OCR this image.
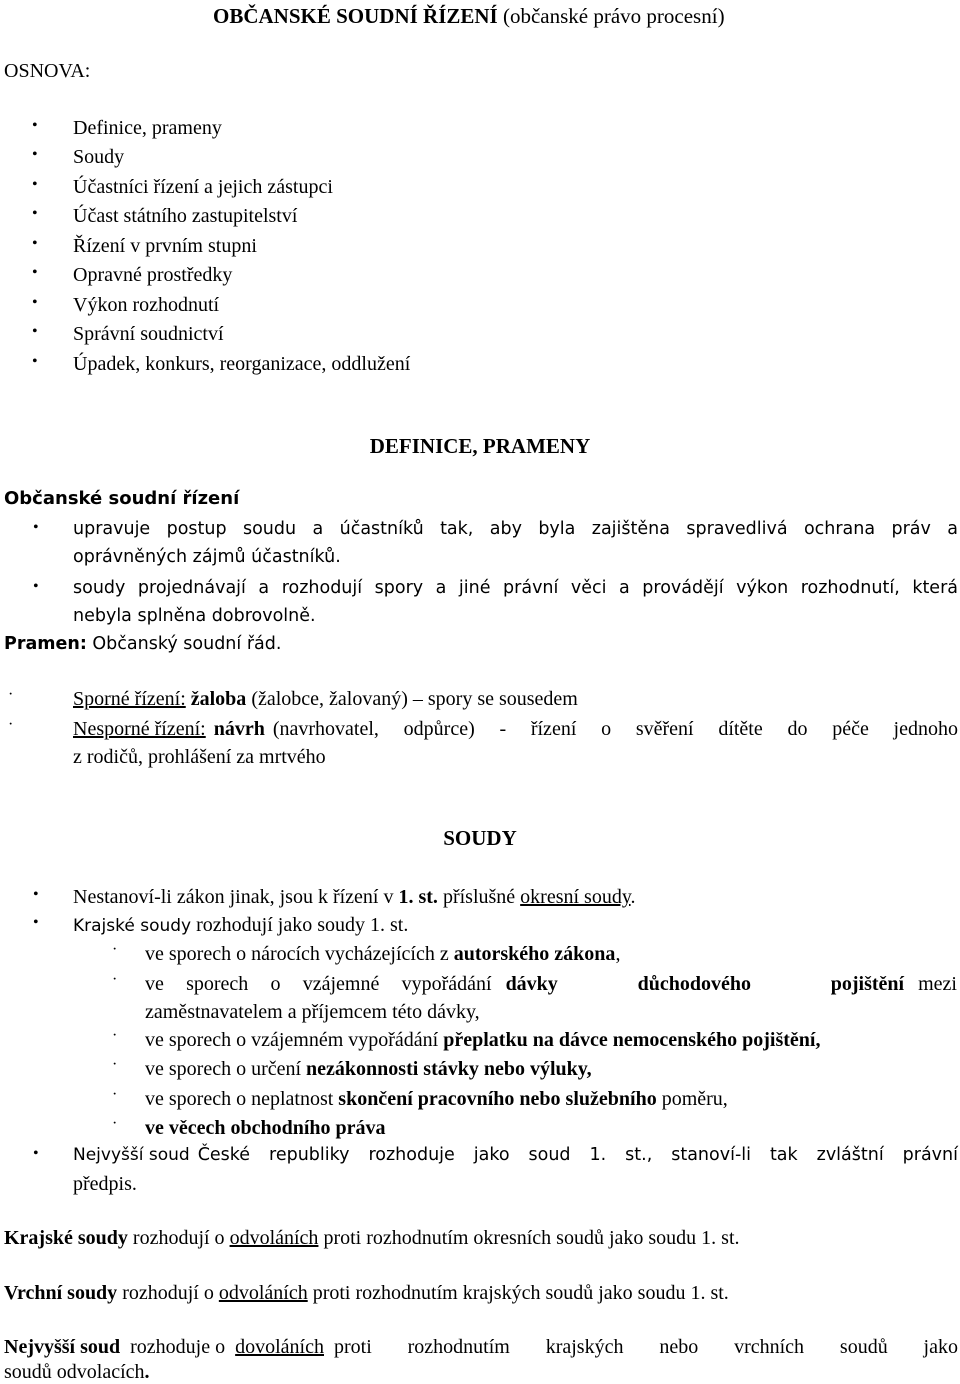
OBČANSKÉ SOUDNÍ ŘÍZENÍ (občanské právo procesní)
OSNOVA:
• Definice, prameny
• Soudy
• Účastníci řízení a jejich zástupci
• Účast státního zastupitelství
• Řízení v prvním stupni
• Opravné prostředky
• Výkon rozhodnutí
• Správní soudnictví
• Úpadek, konkurs, reorganizace, oddlužení
DEFINICE, PRAMENY
Občanské soudní řízení
• upravuje postup soudu a účastníků tak, aby byla zajištěna spravedlivá ochrana práv a
oprávněných zájmů účastníků.
• soudy projednávají a rozhodují spory a jiné právní věci a provádějí výkon rozhodnutí, která
nebyla splněna dobrovolně.
Pramen: Občanský soudní řád.
·	Sporné řízení: žaloba (žalobce, žalovaný) – spory se sousedem
·	Nesporné řízení: návrh (navrhovatel, odpůrce) - řízení o svěření dítěte do péče jednoho
z rodičů, prohlášení za mrtvého
SOUDY
• Nestanoví-li zákon jinak, jsou k řízení v 1. st. příslušné okresní soudy.
• Krajské soudy rozhodují jako soudy 1. st.
· ve sporech o nárocích vycházejících z autorského zákona,
· ve sporech o vzájemné vypořádání dávky důchodového pojištění mezi
zaměstnavatelem a příjemcem této dávky,
· ve sporech o vzájemném vypořádání přeplatku na dávce nemocenského pojištění,
· ve sporech o určení nezákonnosti stávky nebo výluky,
· ve sporech o neplatnost skončení pracovního nebo služebního poměru,
· ve věcech obchodního práva
• Nejvyšší soud České republiky rozhoduje jako soud 1. st., stanoví-li tak zvláštní právní
předpis.
Krajské soudy rozhodují o odvoláních proti rozhodnutím okresních soudů jako soudu 1. st.
Vrchní soudy rozhodují o odvoláních proti rozhodnutím krajských soudů jako soudu 1. st.
Nejvyšší soud rozhoduje o dovoláních proti rozhodnutím krajských nebo vrchních soudů jako
soudů odvolacích.
